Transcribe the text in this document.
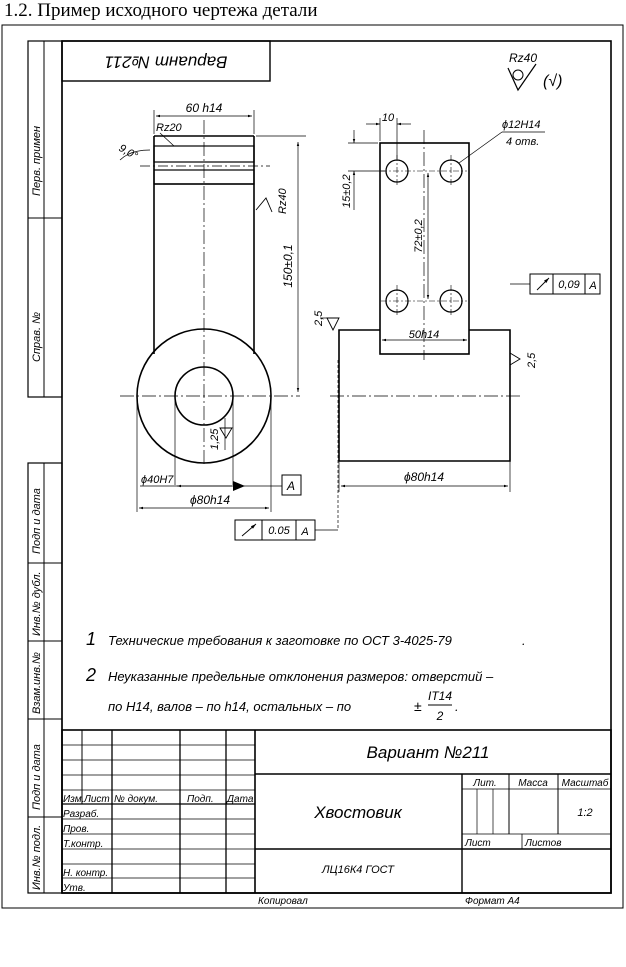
1.2. Пример исходного чертежа детали
Перв. примен
Справ. №
Подп и дата
Инв.№ дубл.
Взам.инв.№
Подп и дата
Инв.№ подл.
Вариант №211	Rz40
(√)
60 h14
Rz20
9,0°
Rz40
150±0,1
1,25
ϕ40H7	A
ϕ80h14
0.05 A
10
ϕ12H14
4 отв.
15±0,2
72±0,2
50h14
0,09 A
2,5
2,5
ϕ80h14
1 Технические требования к заготовке по ОСТ 3-4025-79	.
2 Неуказанные предельные отклонения размеров: отверстий –
по Н14, валов – по h14, остальных – по	±
IT14
2
.
Вариант №211
Хвостовик
ЛЦ16К4 ГОСТ
Изм. Лист № докум.	Подп. Дата
Разраб.
Пров.
Т.контр.
Н. контр.
Утв.
Лит. Масса Масштаб
1:2
Лист	Листов
Копировал	Формат А4
